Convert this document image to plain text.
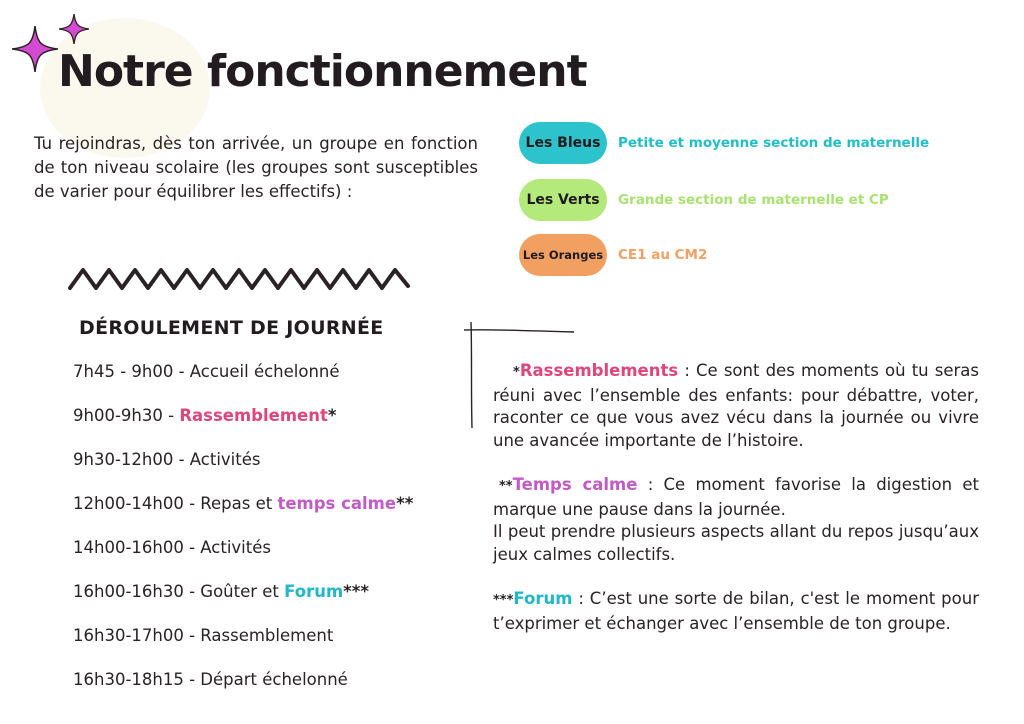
Notre fonctionnement

Tu rejoindras, dès ton arrivée, un groupe en fonction de ton niveau scolaire (les groupes sont susceptibles de varier pour équilibrer les effectifs) :

Les Bleus	Petite et moyenne section de maternelle
Les Verts	Grande section de maternelle et CP
Les Oranges CE1 au CM2
DÉROULEMENT DE JOURNÉE
7h45 - 9h00 - Accueil échelonné
9h00-9h30 - Rassemblement*
9h30-12h00 - Activités
12h00-14h00 - Repas et temps calme**
14h00-16h00 - Activités
16h00-16h30 - Goûter et Forum***
16h30-17h00 - Rassemblement
16h30-18h15 - Départ échelonné

*Rassemblements : Ce sont des moments où tu seras réuni avec l’ensemble des enfants: pour débattre, voter, raconter ce que vous avez vécu dans la journée ou vivre une avancée importante de l’histoire.

**Temps calme : Ce moment favorise la digestion et marque une pause dans la journée.
Il peut prendre plusieurs aspects allant du repos jusqu’aux jeux calmes collectifs.

***Forum : C’est une sorte de bilan, c'est le moment pour t’exprimer et échanger avec l’ensemble de ton groupe.
